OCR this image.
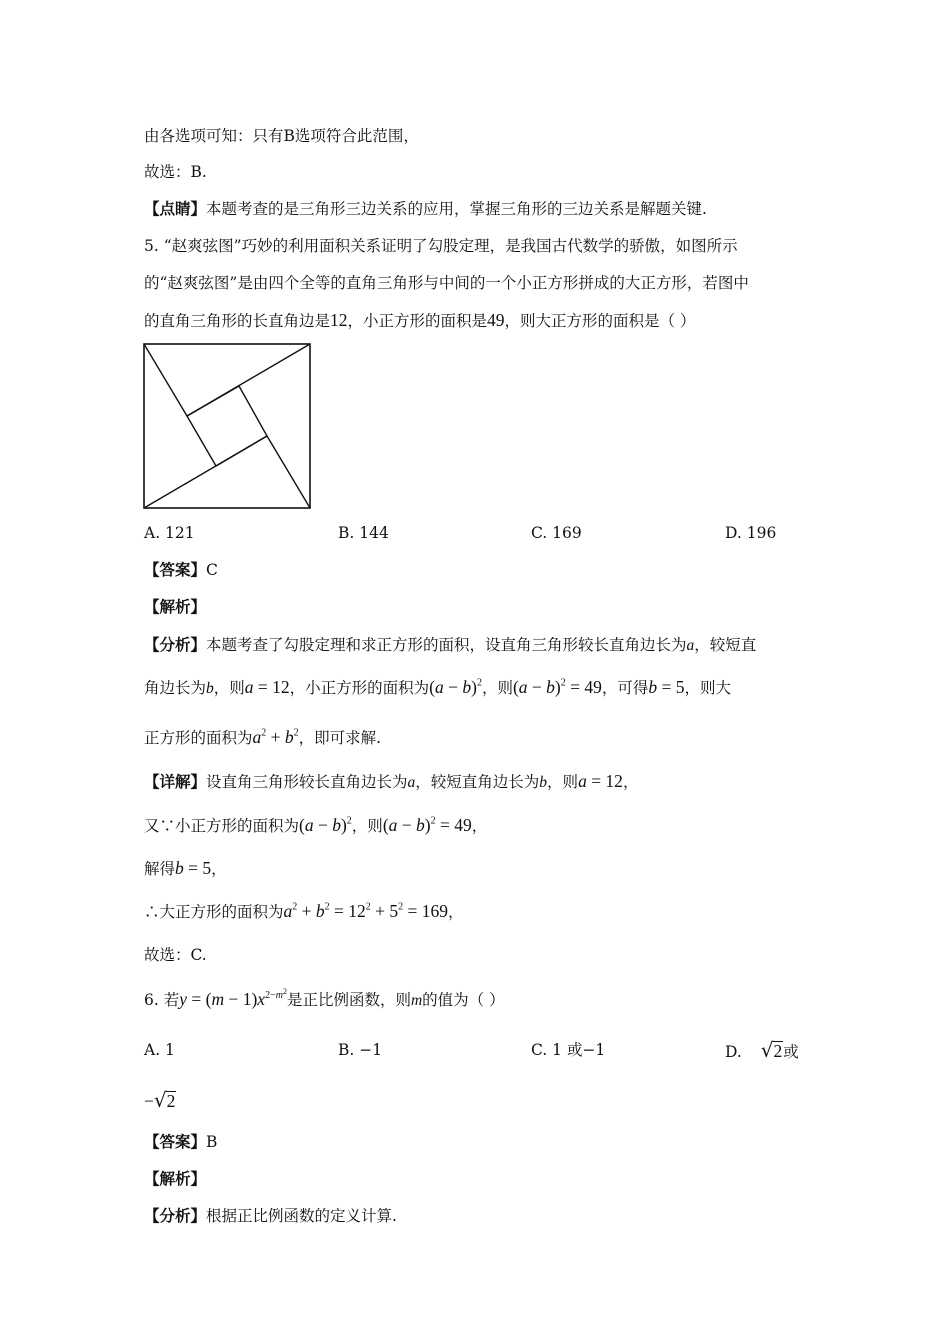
由各选项可知：只有B选项符合此范围，
故选：B.
【点睛】本题考查的是三角形三边关系的应用，掌握三角形的三边关系是解题关键.
5. “赵爽弦图”巧妙的利用面积关系证明了勾股定理，是我国古代数学的骄傲，如图所示
的“赵爽弦图”是由四个全等的直角三角形与中间的一个小正方形拼成的大正方形，若图中
的直角三角形的长直角边是12，小正方形的面积是49，则大正方形的面积是（ ）
A. 121	B. 144	C. 169	D. 196
【答案】C
【解析】
【分析】本题考查了勾股定理和求正方形的面积，设直角三角形较长直角边长为a，较短直
角边长为b，则a = 12，小正方形的面积为$(a - b)^2$，则$(a - b)^2 = 49$，可得b = 5，则大
正方形的面积为$a^2 + b^2$，即可求解.
【详解】设直角三角形较长直角边长为a，较短直角边长为b，则a = 12，
又∵小正方形的面积为$(a - b)^2$，则$(a - b)^2 = 49$，
解得b = 5，
∴大正方形的面积为$a^2 + b^2 = 12^2 + 5^2 = 169$，
故选：C.
6. 若$y = (m - 1)x^{2-m^2}$是正比例函数，则m的值为（ ）
A. 1	B. −1	C. 1 或−1	D. √2或
−√2
【答案】B
【解析】
【分析】根据正比例函数的定义计算.
